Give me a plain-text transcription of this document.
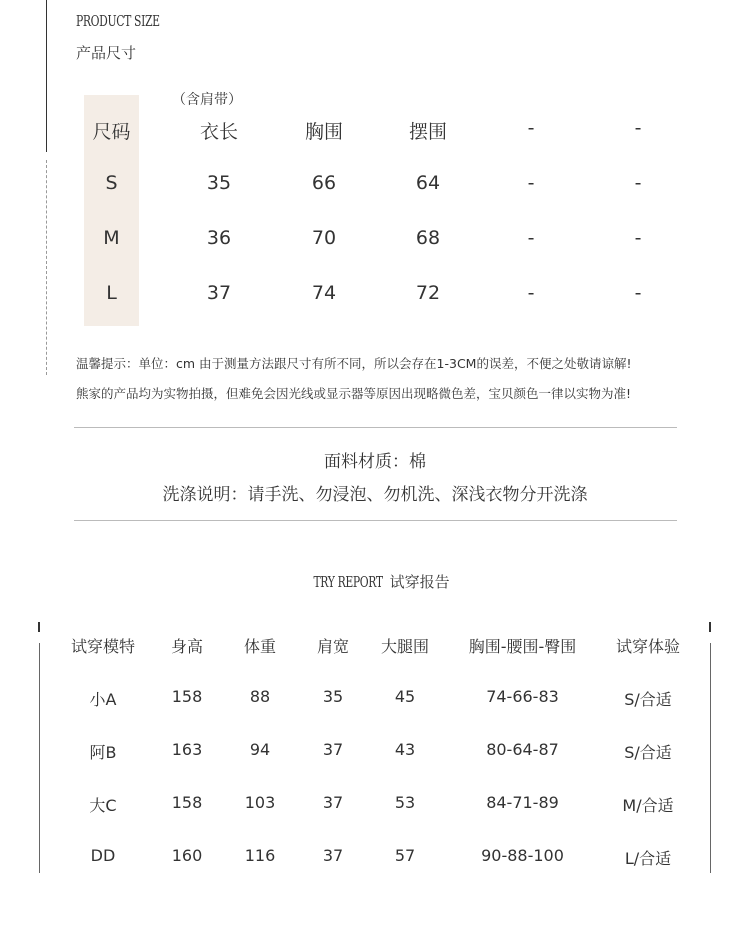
PRODUCT SIZE
产品尺寸
（含肩带）
尺码	衣长	胸围	摆围	-	-
S	35	66	64	-	-
M	36	70	68	-	-
L	37	74	72	-	-
温馨提示：单位：cm 由于测量方法跟尺寸有所不同，所以会存在1-3CM的误差，不便之处敬请谅解!
熊家的产品均为实物拍摄，但难免会因光线或显示器等原因出现略微色差，宝贝颜色一律以实物为准!
面料材质：棉
洗涤说明：请手洗、勿浸泡、勿机洗、深浅衣物分开洗涤
TRY REPORT 试穿报告
试穿模特	身高	体重	肩宽	大腿围	胸围-腰围-臀围	试穿体验
小A	158	88	35	45	74-66-83	S/合适
阿B	163	94	37	43	80-64-87	S/合适
大C	158	103	37	53	84-71-89	M/合适
DD	160	116	37	57	90-88-100	L/合适
